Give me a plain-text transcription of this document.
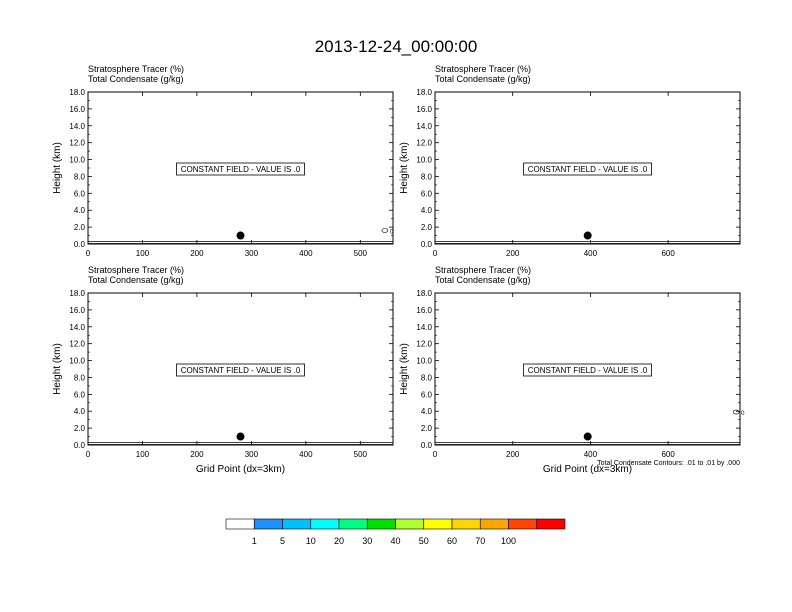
2013-12-24_00:00:00
Stratosphere Tracer (%)
Total Condensate (g/kg)
0.0
2.0
4.0
6.0
8.0
10.0
12.0
14.0
16.0
18.0
0	100	200	300	400	500
CONSTANT FIELD - VALUE IS .0
0
Height (km)
Stratosphere Tracer (%)
Total Condensate (g/kg)
0.0
2.0
4.0
6.0
8.0
10.0
12.0
14.0
16.0
18.0
0	200	400	600
CONSTANT FIELD - VALUE IS .0
Height (km)
Stratosphere Tracer (%)
Total Condensate (g/kg)
0.0
2.0
4.0
6.0
8.0
10.0
12.0
14.0
16.0
18.0
0	100	200	300	400	500
CONSTANT FIELD - VALUE IS .0
Height (km)
Grid Point (dx=3km)
Stratosphere Tracer (%)
Total Condensate (g/kg)
0.0
2.0
4.0
6.0
8.0
10.0
12.0
14.0
16.0
18.0
0	200	400	600
CONSTANT FIELD - VALUE IS .0
0
Height (km)
Grid Point (dx=3km)
Total Condensate Contours: .01 to .01 by .000
1	5 10 20 30 40 50 60 70 100
